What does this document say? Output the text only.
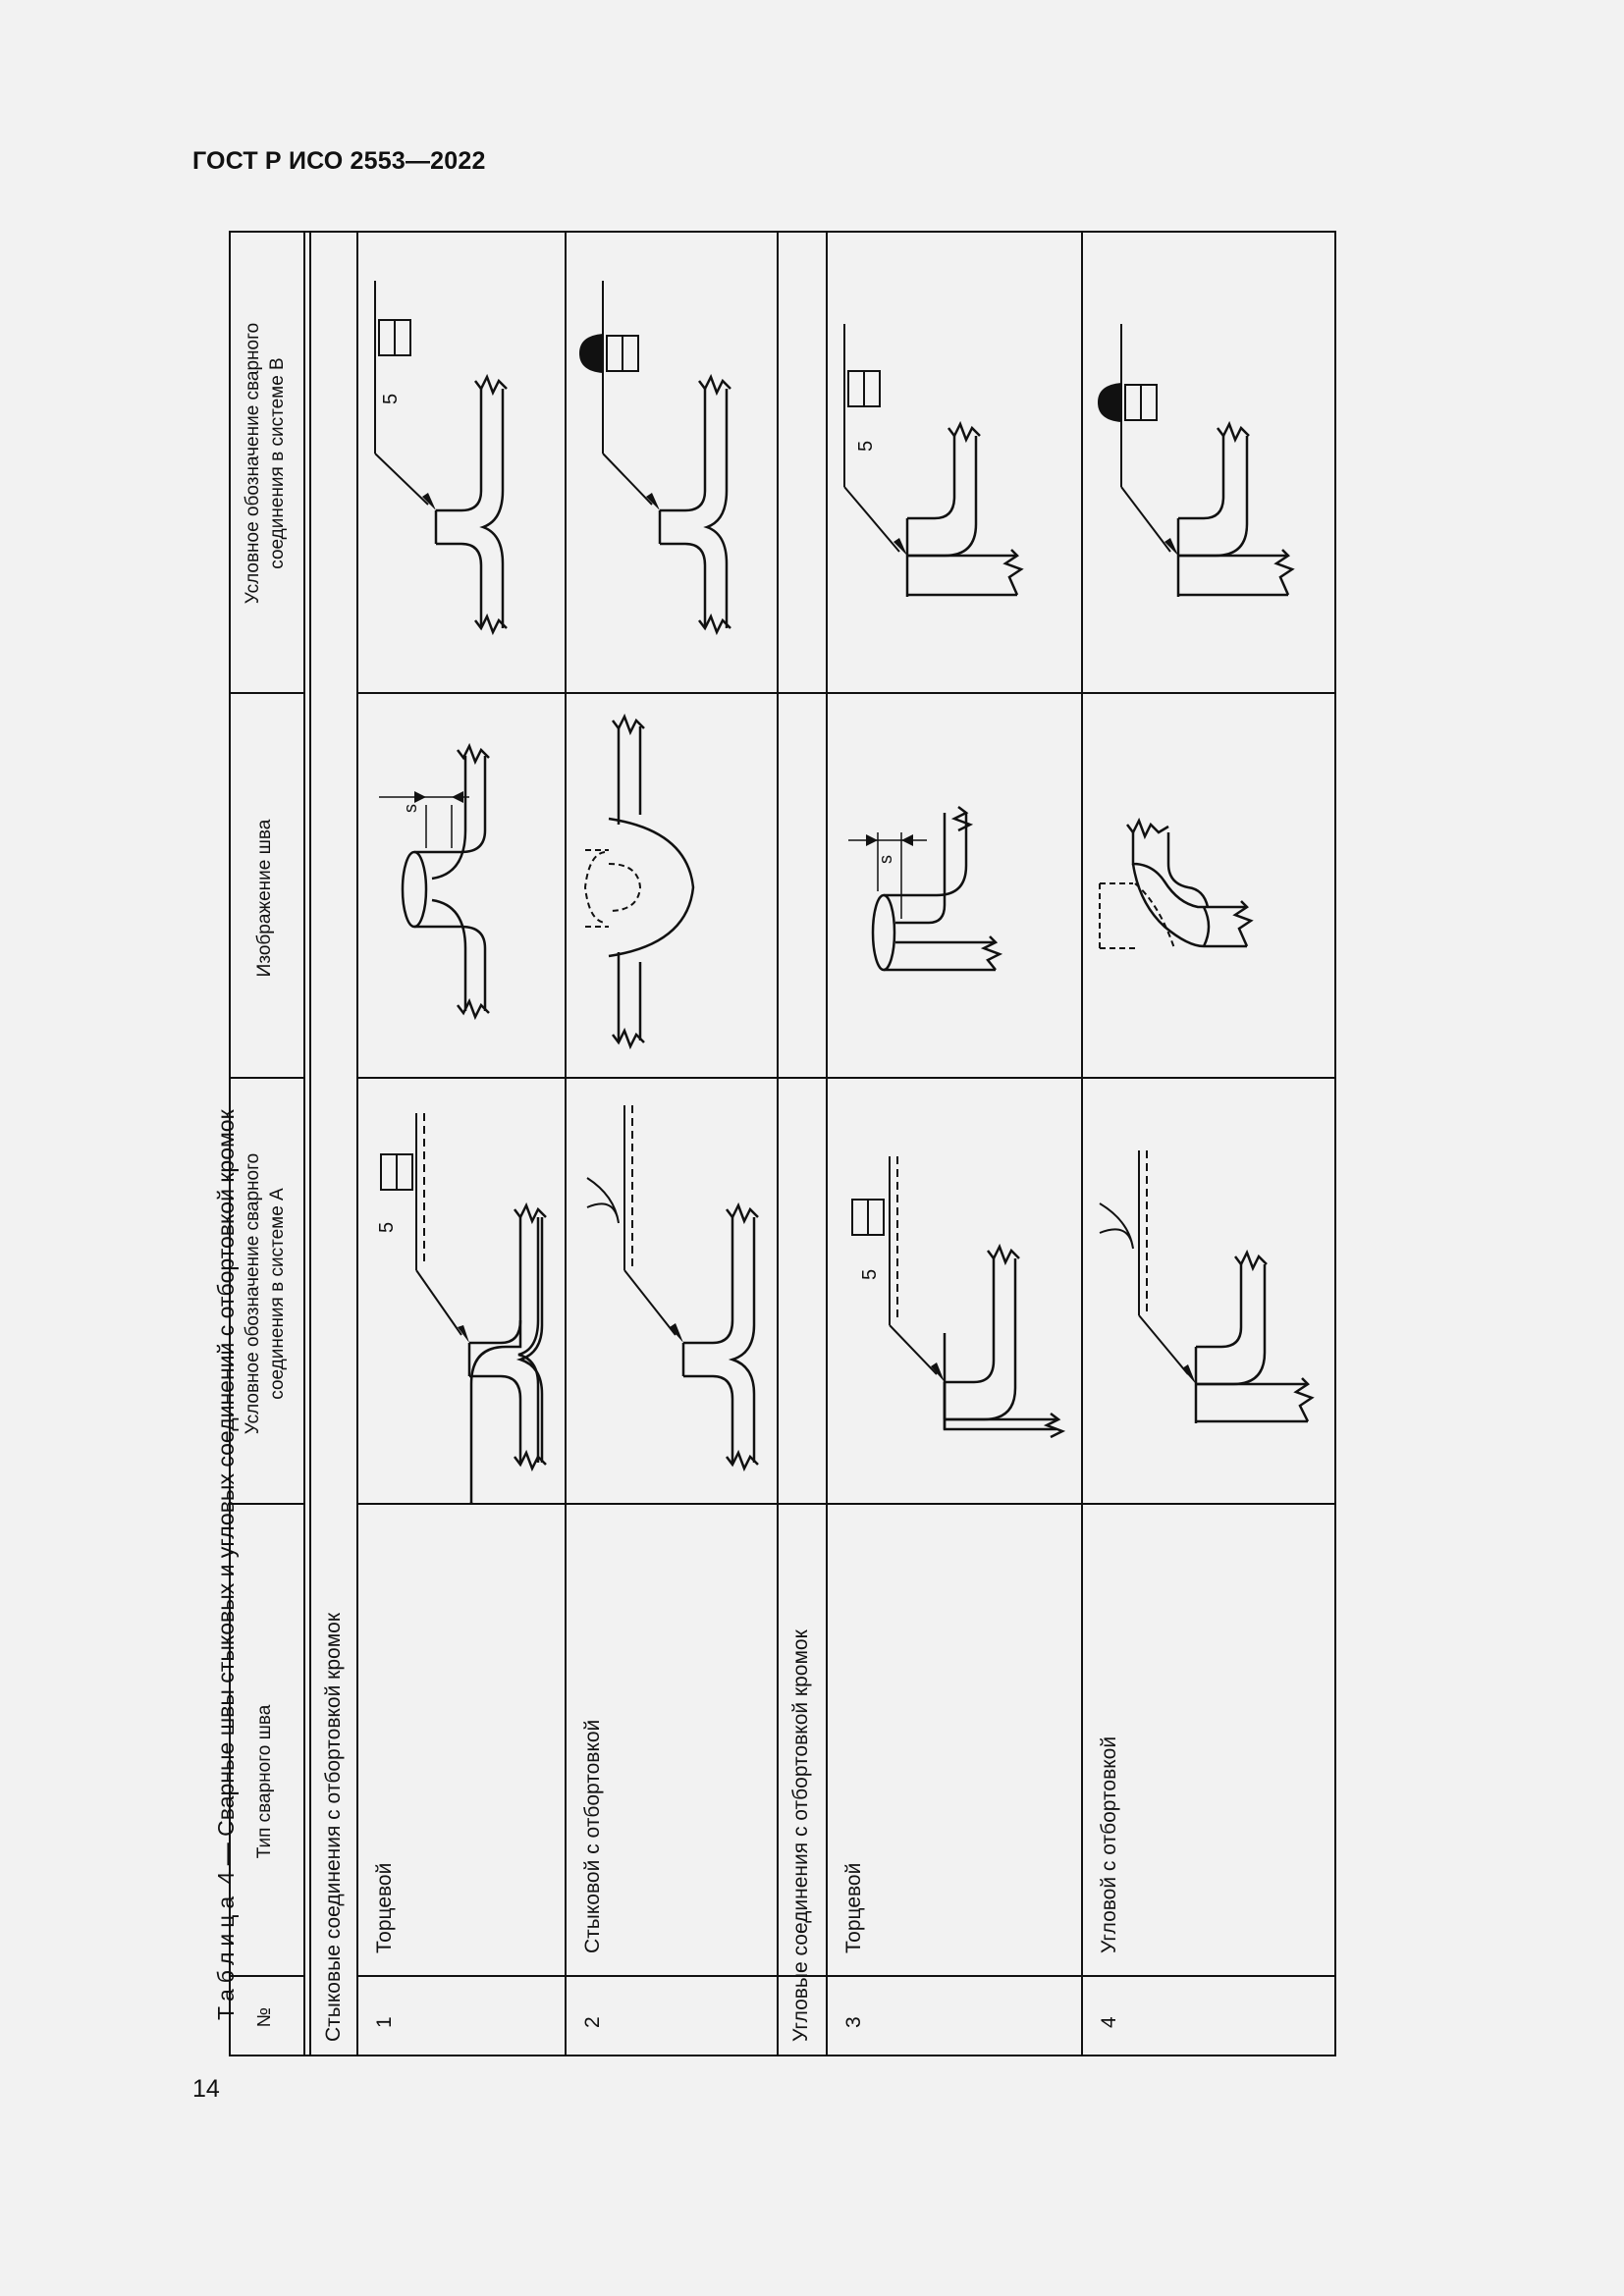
ГОСТ Р ИСО 2553—2022
14
Таблица 4 — Сварные швы стыковых и угловых соединений с отбортовкой кромок	5
s
5
5
s
5
№
Тип сварного шва
Условное обозначение сварного соединения в системе A
Изображение шва
Условное обозначение сварного соединения в системе B
Стыковые соединения с отбортовкой кромок	Угловые соединения с отбортовкой кромок
1
Торцевой
2
Стыковой с отбортовкой
3
Торцевой
4
Угловой с отбортовкой
